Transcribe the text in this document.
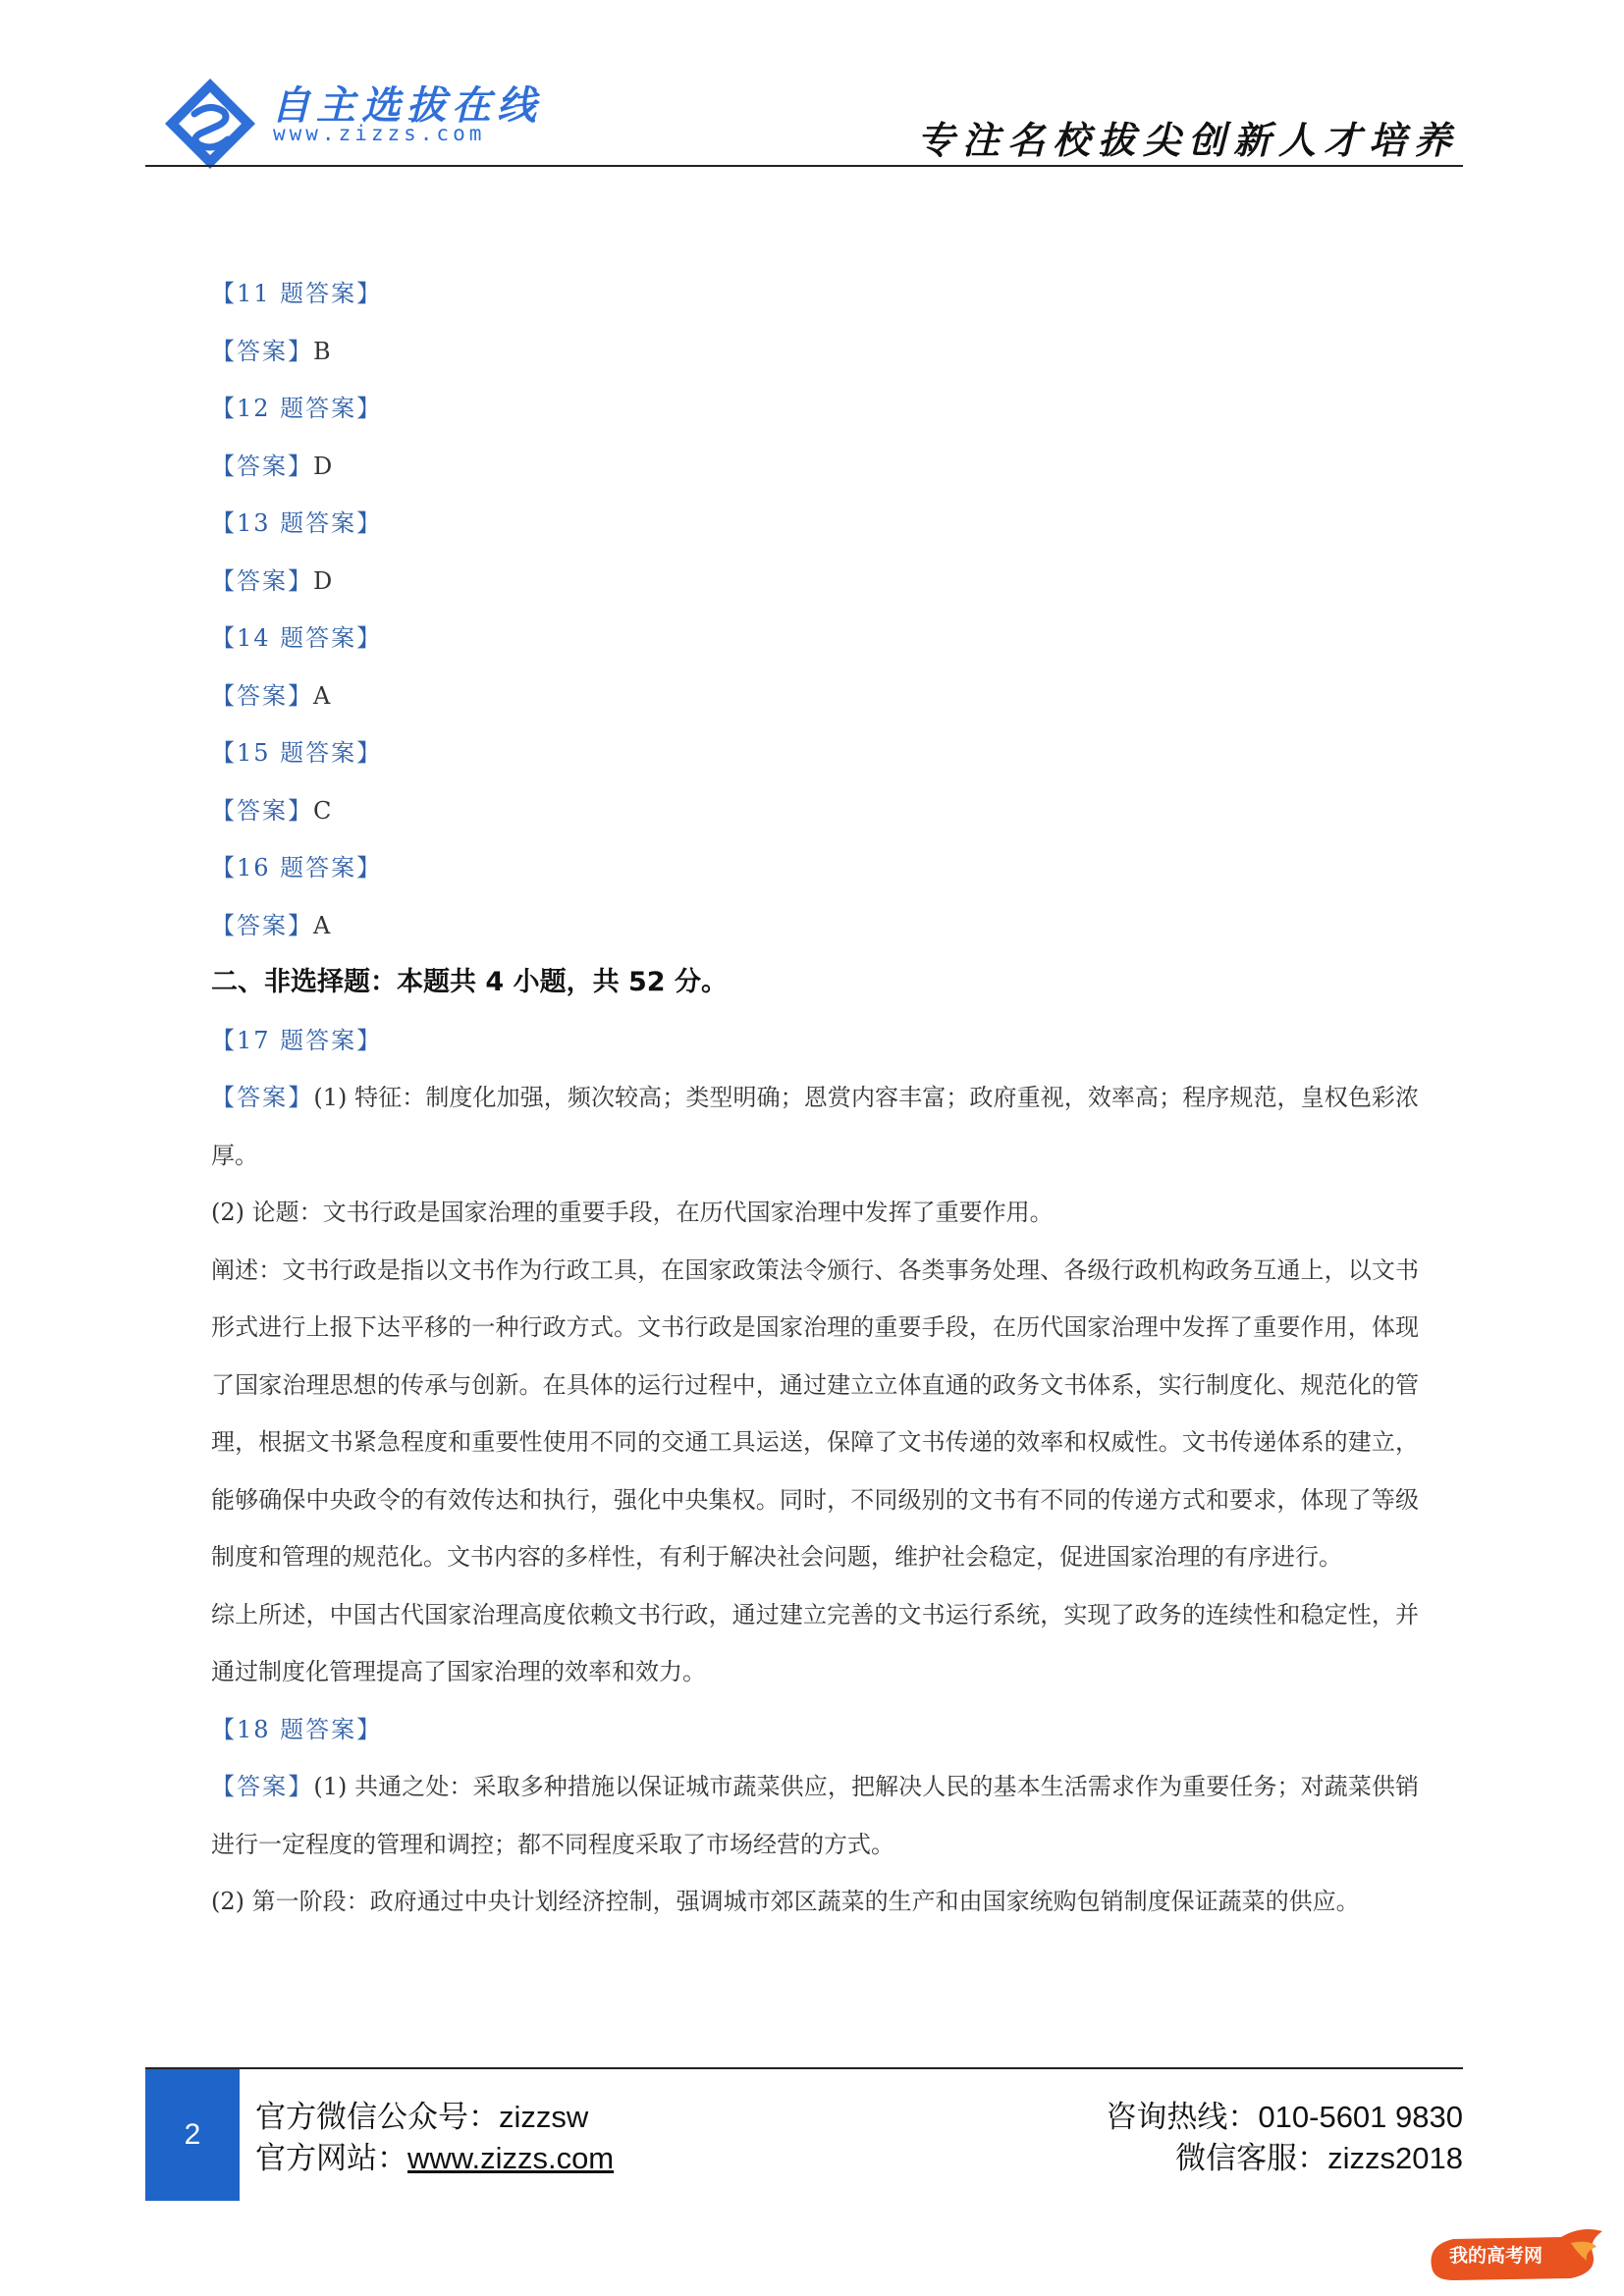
自主选拔在线
www.zizzs.com	专注名校拔尖创新人才培养
【11 题答案】
【答案】B
【12 题答案】
【答案】D
【13 题答案】
【答案】D
【14 题答案】
【答案】A
【15 题答案】
【答案】C
【16 题答案】
【答案】A
二、非选择题：本题共 4 小题，共 52 分。
【17 题答案】
【答案】(1) 特征：制度化加强，频次较高；类型明确；恩赏内容丰富；政府重视，效率高；程序规范，皇权色彩浓厚。
(2) 论题：文书行政是国家治理的重要手段，在历代国家治理中发挥了重要作用。
阐述：文书行政是指以文书作为行政工具，在国家政策法令颁行、各类事务处理、各级行政机构政务互通上，以文书形式进行上报下达平移的一种行政方式。文书行政是国家治理的重要手段，在历代国家治理中发挥了重要作用，体现了国家治理思想的传承与创新。在具体的运行过程中，通过建立立体直通的政务文书体系，实行制度化、规范化的管理，根据文书紧急程度和重要性使用不同的交通工具运送，保障了文书传递的效率和权威性。文书传递体系的建立，能够确保中央政令的有效传达和执行，强化中央集权。同时，不同级别的文书有不同的传递方式和要求，体现了等级制度和管理的规范化。文书内容的多样性，有利于解决社会问题，维护社会稳定，促进国家治理的有序进行。
综上所述，中国古代国家治理高度依赖文书行政，通过建立完善的文书运行系统，实现了政务的连续性和稳定性，并通过制度化管理提高了国家治理的效率和效力。
【18 题答案】
【答案】(1) 共通之处：采取多种措施以保证城市蔬菜供应，把解决人民的基本生活需求作为重要任务；对蔬菜供销进行一定程度的管理和调控；都不同程度采取了市场经营的方式。
(2) 第一阶段：政府通过中央计划经济控制，强调城市郊区蔬菜的生产和由国家统购包销制度保证蔬菜的供应。
2
官方微信公众号：zizzsw
官方网站：www.zizzs.com
咨询热线：010-5601 9830
微信客服：zizzs2018
我的高考网
